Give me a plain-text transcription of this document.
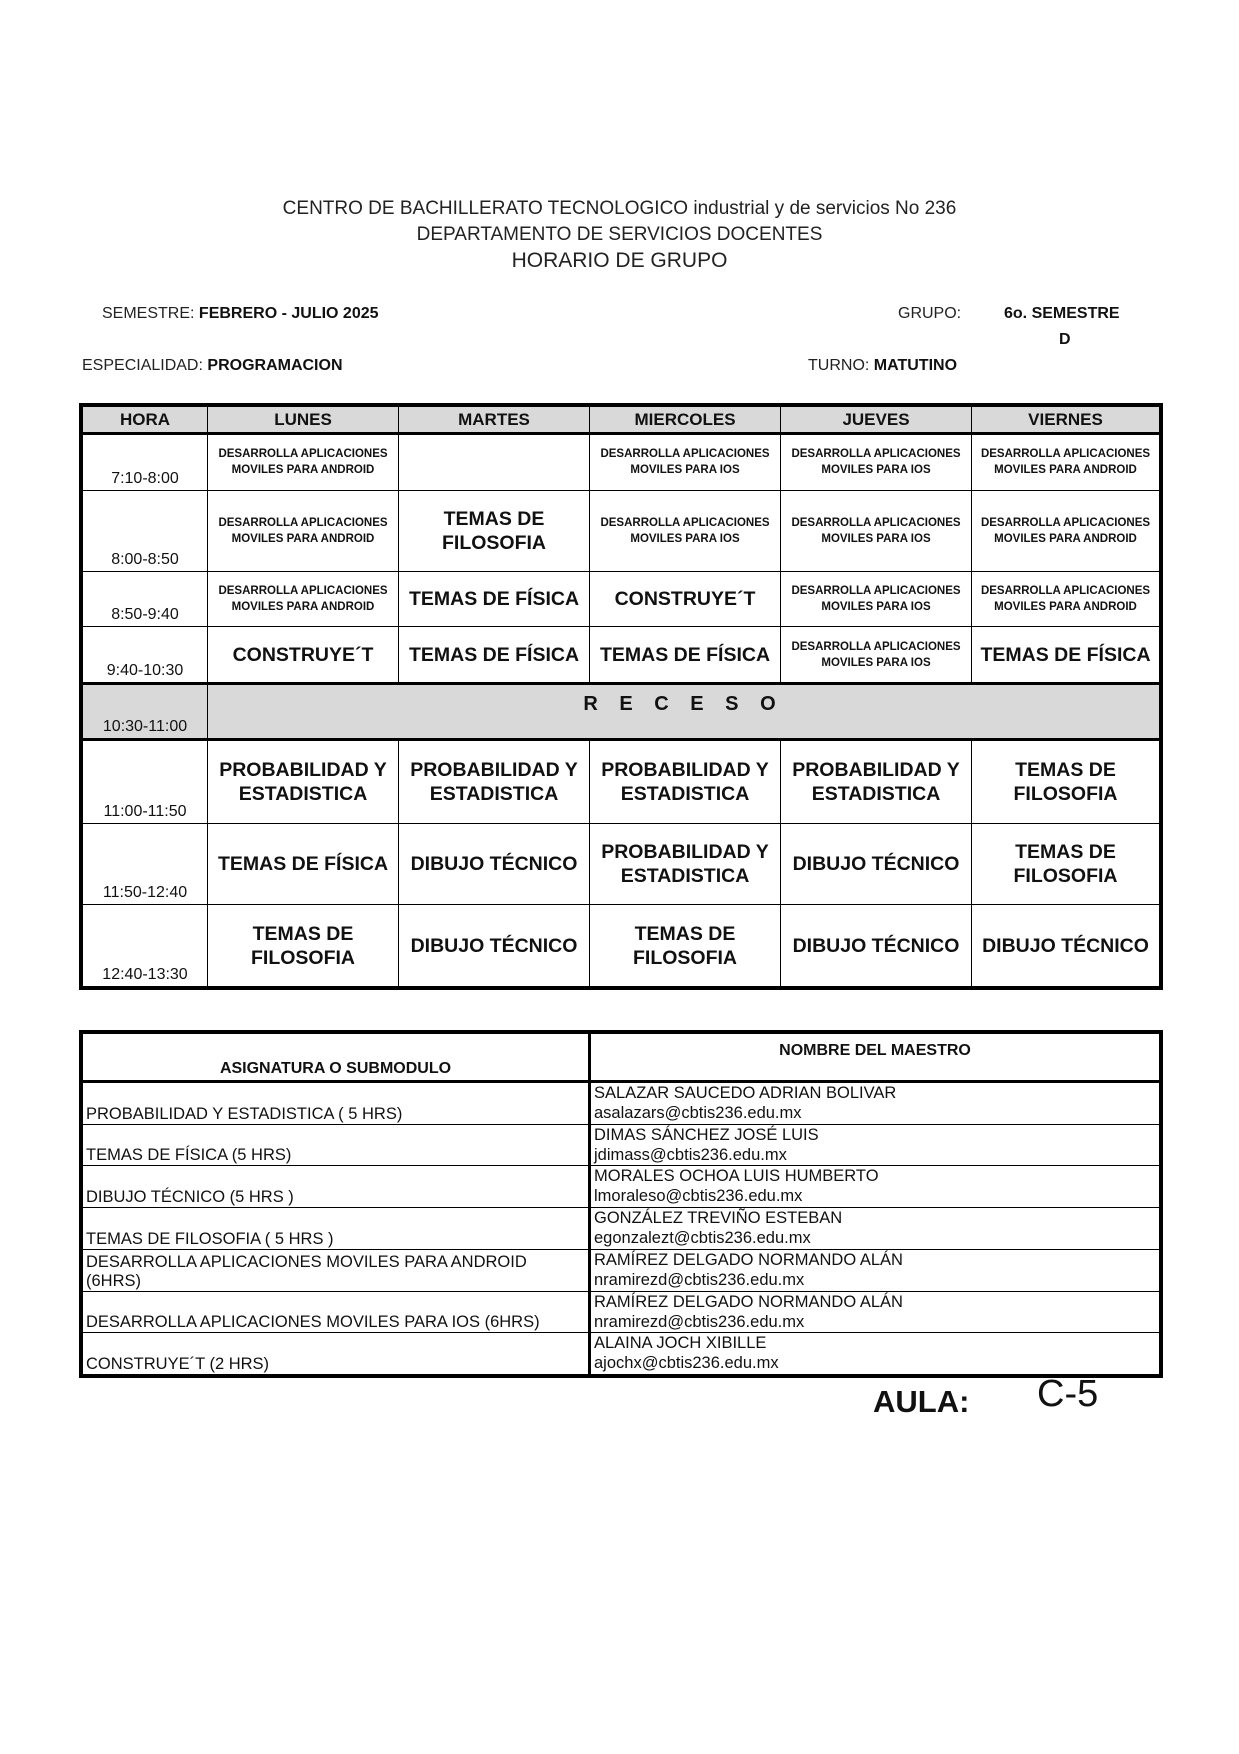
CENTRO DE BACHILLERATO TECNOLOGICO industrial y de servicios No 236
DEPARTAMENTO DE SERVICIOS DOCENTES
HORARIO DE GRUPO
SEMESTRE: FEBRERO - JULIO 2025	GRUPO:	6o. SEMESTRE
D
ESPECIALIDAD: PROGRAMACION	TURNO: MATUTINO
HORA	LUNES	MARTES	MIERCOLES	JUEVES	VIERNES
7:10-8:00	DESARROLLA APLICACIONES MOVILES PARA ANDROID		DESARROLLA APLICACIONES MOVILES PARA IOS	DESARROLLA APLICACIONES MOVILES PARA IOS	DESARROLLA APLICACIONES MOVILES PARA ANDROID
8:00-8:50	DESARROLLA APLICACIONES MOVILES PARA ANDROID	TEMAS DE FILOSOFIA	DESARROLLA APLICACIONES MOVILES PARA IOS	DESARROLLA APLICACIONES MOVILES PARA IOS	DESARROLLA APLICACIONES MOVILES PARA ANDROID
8:50-9:40	DESARROLLA APLICACIONES MOVILES PARA ANDROID	TEMAS DE FÍSICA	CONSTRUYE´T	DESARROLLA APLICACIONES MOVILES PARA IOS	DESARROLLA APLICACIONES MOVILES PARA ANDROID
9:40-10:30	CONSTRUYE´T	TEMAS DE FÍSICA	TEMAS DE FÍSICA	DESARROLLA APLICACIONES MOVILES PARA IOS	TEMAS DE FÍSICA
10:30-11:00	R E C E S O				
11:00-11:50	PROBABILIDAD Y ESTADISTICA	PROBABILIDAD Y ESTADISTICA	PROBABILIDAD Y ESTADISTICA	PROBABILIDAD Y ESTADISTICA	TEMAS DE FILOSOFIA
11:50-12:40	TEMAS DE FÍSICA	DIBUJO TÉCNICO	PROBABILIDAD Y ESTADISTICA	DIBUJO TÉCNICO	TEMAS DE FILOSOFIA
12:40-13:30	TEMAS DE FILOSOFIA	DIBUJO TÉCNICO	TEMAS DE FILOSOFIA	DIBUJO TÉCNICO	DIBUJO TÉCNICO
ASIGNATURA O SUBMODULO	NOMBRE DEL MAESTRO
PROBABILIDAD Y ESTADISTICA ( 5 HRS)	SALAZAR SAUCEDO ADRIAN BOLIVAR
asalazars@cbtis236.edu.mx

TEMAS DE FÍSICA (5 HRS)	DIMAS SÁNCHEZ JOSÉ LUIS
jdimass@cbtis236.edu.mx

DIBUJO TÉCNICO (5 HRS )	MORALES OCHOA LUIS HUMBERTO
lmoraleso@cbtis236.edu.mx

TEMAS DE FILOSOFIA ( 5 HRS )	GONZÁLEZ TREVIÑO ESTEBAN
egonzalezt@cbtis236.edu.mx

DESARROLLA APLICACIONES MOVILES PARA ANDROID (6HRS)	RAMÍREZ DELGADO NORMANDO ALÁN
nramirezd@cbtis236.edu.mx

DESARROLLA APLICACIONES MOVILES PARA IOS (6HRS)	RAMÍREZ DELGADO NORMANDO ALÁN
nramirezd@cbtis236.edu.mx

CONSTRUYE´T (2 HRS)	ALAINA JOCH XIBILLE
ajochx@cbtis236.edu.mx
AULA: C-5
